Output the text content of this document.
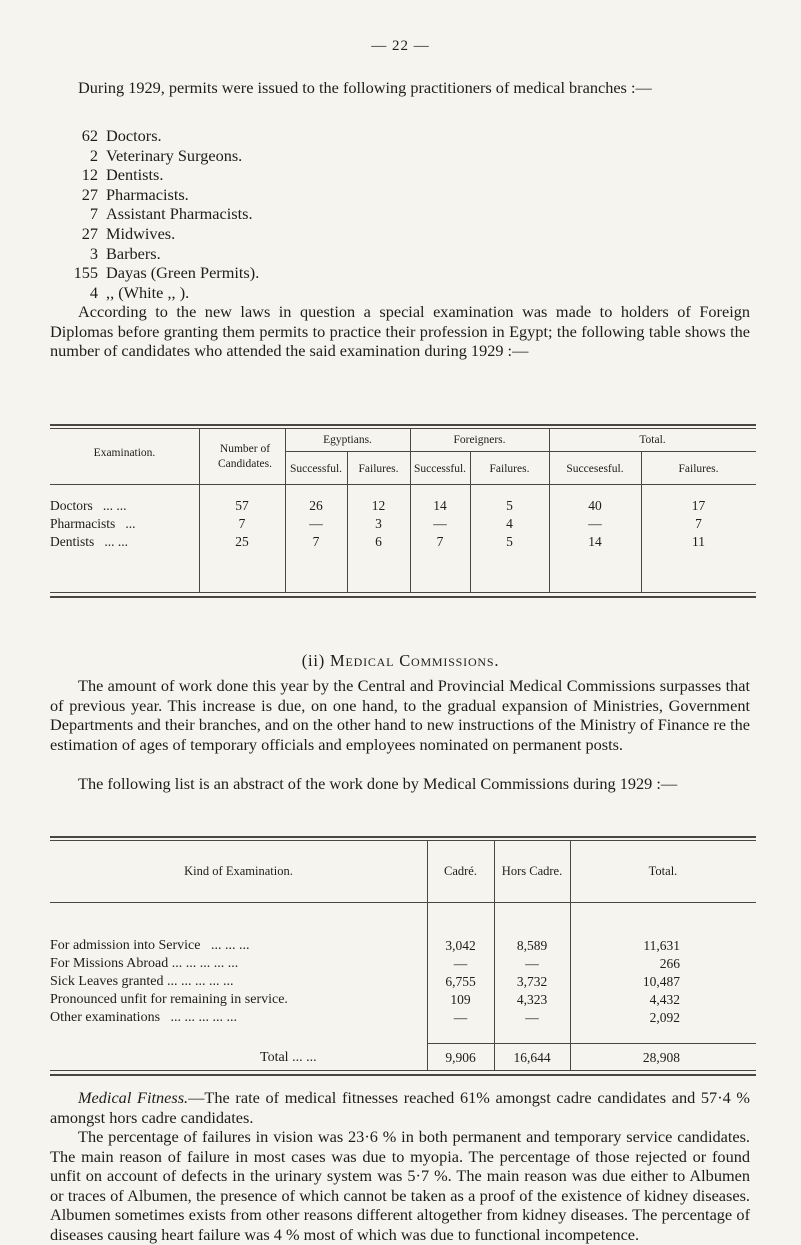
— 22 —

During 1929, permits were issued to the following practitioners of medical branches :—

62 Doctors.
2 Veterinary Surgeons.
12 Dentists.
27 Pharmacists.
7 Assistant Pharmacists.
27 Midwives.
3 Barbers.
155 Dayas (Green Permits).
4 ,, (White ,, ).

According to the new laws in question a special examination was made to holders of Foreign Diplomas before granting them permits to practice their profession in Egypt; the following table shows the number of candidates who attended the said examination during 1929 :—

Examination.	Number of Candidates.
Egyptians.	Foreigners.	Total.
Successful.	Failures.	Successful.	Failures.	Succesesful.	Failures.
Doctors   ... ...	57	26	12	14	5	40	17
Pharmacists   ...	7	—	3	—	4	—	7
Dentists   ... ...	25	7	6	7	5	14	11
(ii) Medical Commissions.

The amount of work done this year by the Central and Provincial Medical Commissions surpasses that of previous year. This increase is due, on one hand, to the gradual expansion of Ministries, Government Departments and their branches, and on the other hand to new instructions of the Ministry of Finance re the estimation of ages of temporary officials and employees nominated on permanent posts.

The following list is an abstract of the work done by Medical Commissions during 1929 :—

Kind of Examination.	Cadré.	Hors Cadre.	Total.
For admission into Service   ... ... ...	3,042	8,589	11,631
For Missions Abroad ... ... ... ... ...	—	—	266
Sick Leaves granted ... ... ... ... ...	6,755	3,732	10,487
Pronounced unfit for remaining in service.	109	4,323	4,432
Other examinations   ... ... ... ... ...	—	—	2,092
Total ... ...	9,906	16,644	28,908

Medical Fitness.—The rate of medical fitnesses reached 61% amongst cadre candidates and 57·4 % amongst hors cadre candidates.

The percentage of failures in vision was 23·6 % in both permanent and temporary service candidates. The main reason of failure in most cases was due to myopia. The percentage of those rejected or found unfit on account of defects in the urinary system was 5·7 %. The main reason was due either to Albumen or traces of Albumen, the presence of which cannot be taken as a proof of the existence of kidney diseases. Albumen sometimes exists from other reasons different altogether from kidney diseases. The percentage of diseases causing heart failure was 4 % most of which was due to functional incompetence.
